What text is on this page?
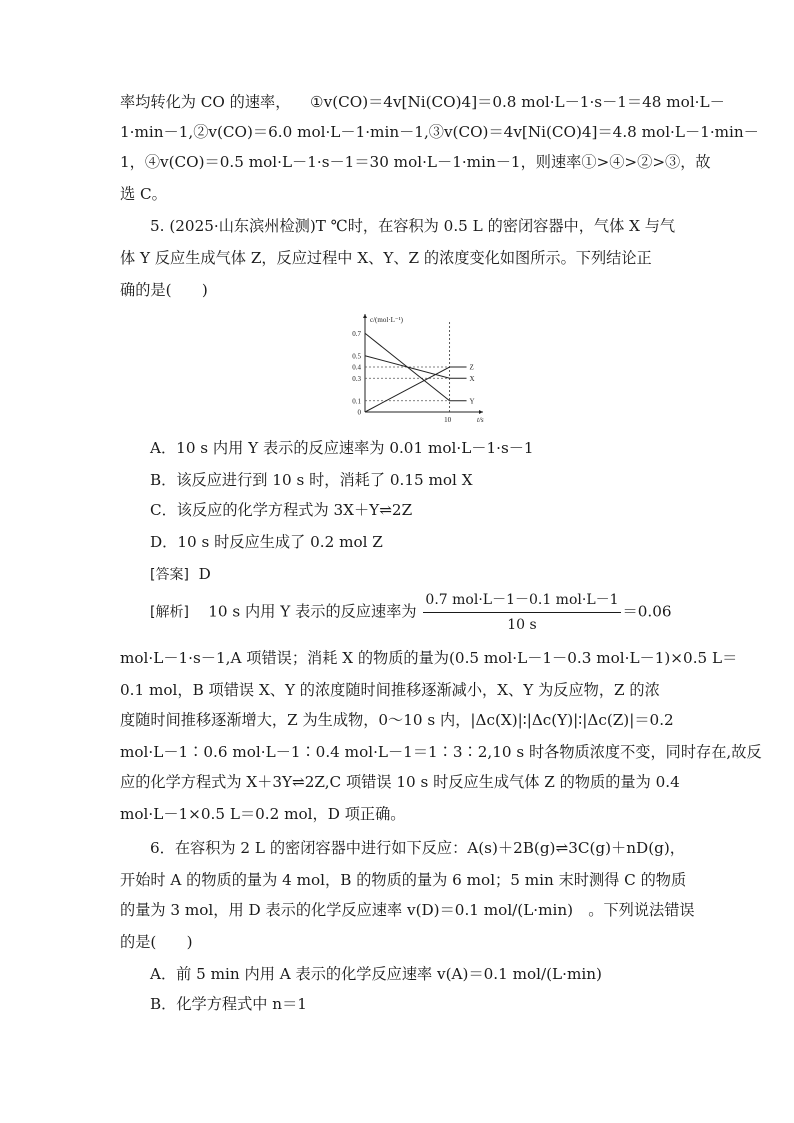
率均转化为 CO 的速率， ①v(CO)＝4v[Ni(CO)4]＝0.8 mol·L－1·s－1＝48 mol·L－
1·min－1,②v(CO)＝6.0 mol·L－1·min－1,③v(CO)＝4v[Ni(CO)4]＝4.8 mol·L－1·min－
1，④v(CO)＝0.5 mol·L－1·s－1＝30 mol·L－1·min－1，则速率①>④>②>③，故
选 C。
5. (2025·山东滨州检测)T ℃时，在容积为 0.5 L 的密闭容器中，气体 X 与气
体 Y 反应生成气体 Z，反应过程中 X、Y、Z 的浓度变化如图所示。下列结论正
确的是(　　)
A．10 s 内用 Y 表示的反应速率为 0.01 mol·L－1·s－1
B．该反应进行到 10 s 时，消耗了 0.15 mol X
C．该反应的化学方程式为 3X＋Y⇌2Z
D．10 s 时反应生成了 0.2 mol Z
[答案] D
[解析] 10 s 内用 Y 表示的反应速率为 $\frac{\text{0.7 mol·L－1－0.1 mol·L－1}}{10 s} =0.06$
mol·L－1·s－1,A 项错误；消耗 X 的物质的量为(0.5 mol·L－1－0.3 mol·L－1)×0.5 L＝
0.1 mol，B 项错误 X、Y 的浓度随时间推移逐渐减小，X、Y 为反应物，Z 的浓
度随时间推移逐渐增大，Z 为生成物，0～10 s 内，|Δc(X)|∶|Δc(Y)|∶|Δc(Z)|＝0.2
mol·L－1∶0.6 mol·L－1∶0.4 mol·L－1＝1∶3∶2,10 s 时各物质浓度不变，同时存在,故反
应的化学方程式为 X＋3Y⇌2Z,C 项错误 10 s 时反应生成气体 Z 的物质的量为 0.4
mol·L－1×0.5 L＝0.2 mol，D 项正确。
6．在容积为 2 L 的密闭容器中进行如下反应：A(s)＋2B(g)⇌3C(g)＋nD(g)，
开始时 A 的物质的量为 4 mol，B 的物质的量为 6 mol；5 min 末时测得 C 的物质
的量为 3 mol，用 D 表示的化学反应速率 v(D)＝0.1 mol/(L·min)　。下列说法错误
的是(　　)
A．前 5 min 内用 A 表示的化学反应速率 v(A)＝0.1 mol/(L·min)
B．化学方程式中 n＝1
c/(mol·L⁻¹)
t/s
0.7
0.5
0.4
0.3
0.1
0
10
X
Y
Z
